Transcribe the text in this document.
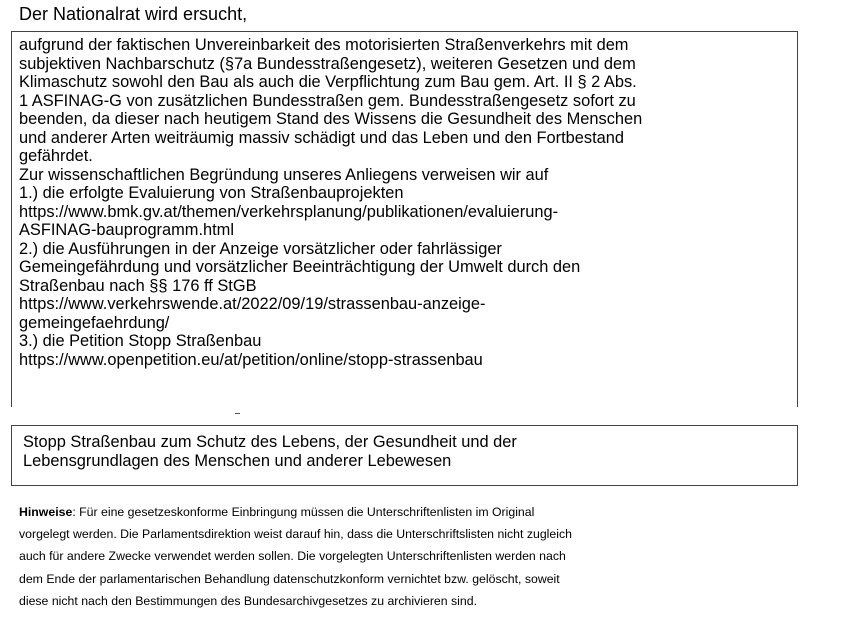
Der Nationalrat wird ersucht,
aufgrund der faktischen Unvereinbarkeit des motorisierten Straßenverkehrs mit dem
subjektiven Nachbarschutz (§7a Bundesstraßengesetz), weiteren Gesetzen und dem
Klimaschutz sowohl den Bau als auch die Verpflichtung zum Bau gem. Art. II § 2 Abs.
1 ASFINAG-G von zusätzlichen Bundesstraßen gem. Bundesstraßengesetz sofort zu
beenden, da dieser nach heutigem Stand des Wissens die Gesundheit des Menschen
und anderer Arten weiträumig massiv schädigt und das Leben und den Fortbestand
gefährdet.
Zur wissenschaftlichen Begründung unseres Anliegens verweisen wir auf
1.) die erfolgte Evaluierung von Straßenbauprojekten
https://www.bmk.gv.at/themen/verkehrsplanung/publikationen/evaluierung-
ASFINAG-bauprogramm.html
2.) die Ausführungen in der Anzeige vorsätzlicher oder fahrlässiger
Gemeingefährdung und vorsätzlicher Beeinträchtigung der Umwelt durch den
Straßenbau nach §§ 176 ff StGB
https://www.verkehrswende.at/2022/09/19/strassenbau-anzeige-
gemeingefaehrdung/
3.) die Petition Stopp Straßenbau
https://www.openpetition.eu/at/petition/online/stopp-strassenbau
Stopp Straßenbau zum Schutz des Lebens, der Gesundheit und der
Lebensgrundlagen des Menschen und anderer Lebewesen
Hinweise: Für eine gesetzeskonforme Einbringung müssen die Unterschriftenlisten im Original
vorgelegt werden. Die Parlamentsdirektion weist darauf hin, dass die Unterschriftslisten nicht zugleich
auch für andere Zwecke verwendet werden sollen. Die vorgelegten Unterschriftenlisten werden nach
dem Ende der parlamentarischen Behandlung datenschutzkonform vernichtet bzw. gelöscht, soweit
diese nicht nach den Bestimmungen des Bundesarchivgesetzes zu archivieren sind.
